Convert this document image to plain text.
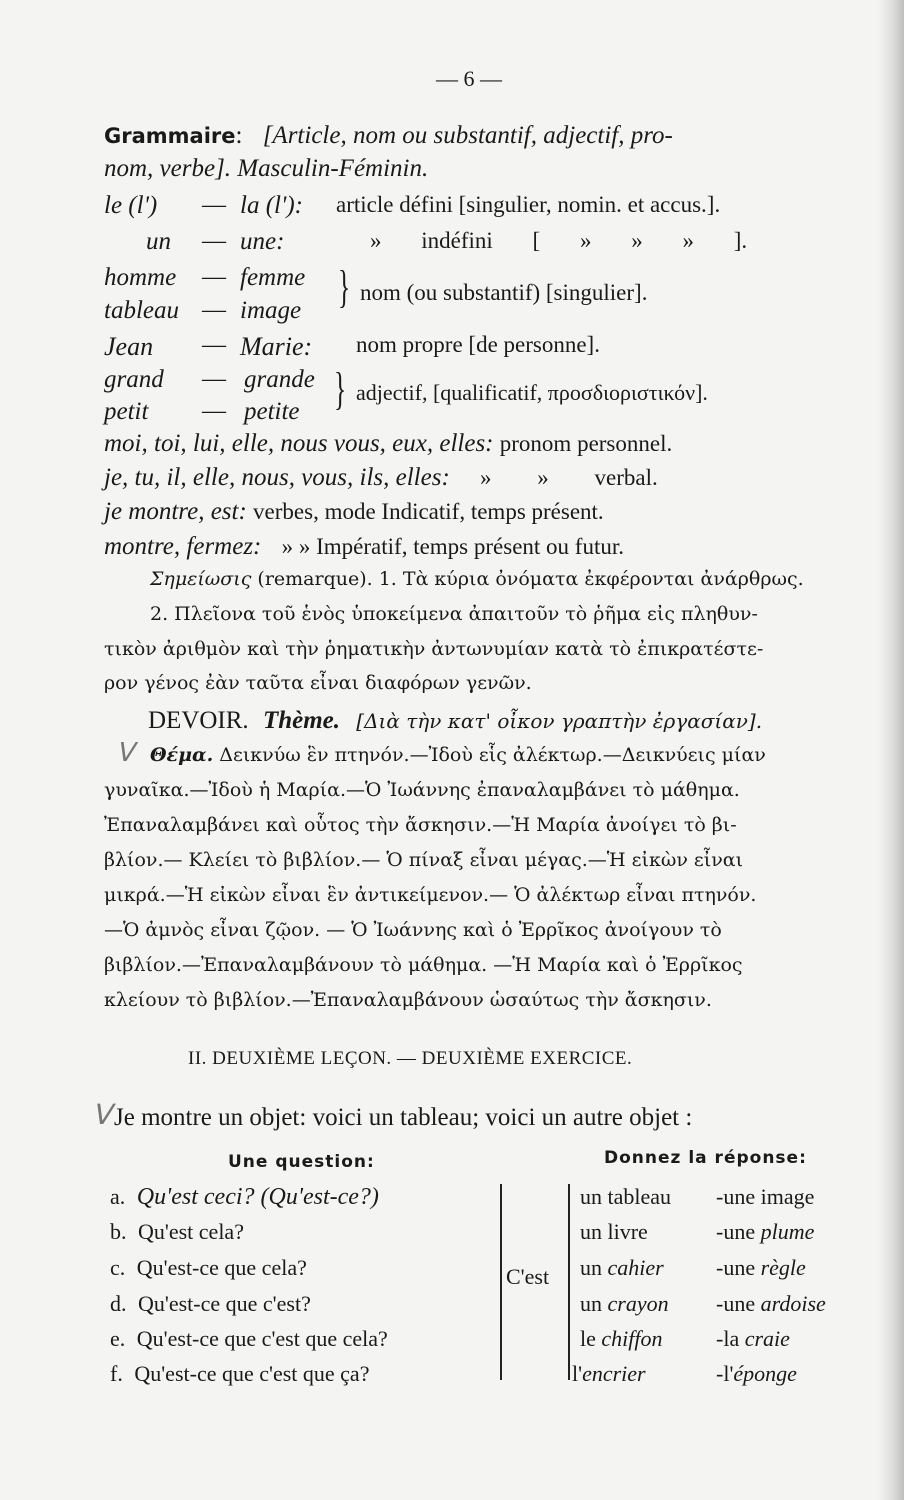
— 6 —
Grammaire: [Article, nom ou substantif, adjectif, pro-
nom, verbe]. Masculin-Féminin.
le (l') — la (l'): article défini [singulier, nomin. et accus.].
un — une:	» indéfini [ » » » ].
homme — femme }
tableau — image
nom (ou substantif) [singulier].
Jean — Marie: nom propre [de personne].
grand — grande }
petit — petite
adjectif, [qualificatif, προσδιοριστικόν].
moi, toi, lui, elle, nous vous, eux, elles: pronom personnel.
je, tu, il, elle, nous, vous, ils, elles: » » verbal.
je montre, est: verbes, mode Indicatif, temps présent.
montre, fermez: » » Impératif, temps présent ou futur.
Σημείωσις (remarque). 1. Τὰ κύρια ὀνόματα ἐκφέρονται ἀνάρθρως.
2. Πλεῖονα τοῦ ἑνὸς ὑποκείμενα ἀπαιτοῦν τὸ ῥῆμα εἰς πληθυν-
τικὸν ἀριθμὸν καὶ τὴν ῥηματικὴν ἀντωνυμίαν κατὰ τὸ ἐπικρατέστε-
ρον γένος ἐὰν ταῦτα εἶναι διαφόρων γενῶν.
DEVOIR. Thème. [Διὰ τὴν κατ' οἶκον γραπτὴν ἐργασίαν].
ᐯ Θέμα. Δεικνύω ἓν πτηνόν.—Ἰδοὺ εἷς ἀλέκτωρ.—Δεικνύεις μίαν
γυναῖκα.—Ἰδοὺ ἡ Μαρία.—Ὁ Ἰωάννης ἐπαναλαμβάνει τὸ μάθημα.
Ἐπαναλαμβάνει καὶ οὗτος τὴν ἄσκησιν.—Ἡ Μαρία ἀνοίγει τὸ βι-
βλίον.— Κλείει τὸ βιβλίον.— Ὁ πίναξ εἶναι μέγας.—Ἡ εἰκὼν εἶναι
μικρά.—Ἡ εἰκὼν εἶναι ἓν ἀντικείμενον.— Ὁ ἀλέκτωρ εἶναι πτηνόν.
—Ὁ ἀμνὸς εἶναι ζῷον. — Ὁ Ἰωάννης καὶ ὁ Ἐρρῖκος ἀνοίγουν τὸ
βιβλίον.—Ἐπαναλαμβάνουν τὸ μάθημα. —Ἡ Μαρία καὶ ὁ Ἐρρῖκος
κλείουν τὸ βιβλίον.—Ἐπαναλαμβάνουν ὡσαύτως τὴν ἄσκησιν.
II. DEUXIÈME LEÇON. — DEUXIÈME EXERCICE.
ᐯ Je montre un objet: voici un tableau; voici un autre objet :
Une question:	Donnez la réponse:
C'est
a. Qu'est ceci? (Qu'est-ce?)
b. Qu'est cela?
c. Qu'est-ce que cela?
d. Qu'est-ce que c'est?
e. Qu'est-ce que c'est que cela?
f. Qu'est-ce que c'est que ça?
un tableau
un livre
un cahier
un crayon
le chiffon
l'encrier
-une image
-une plume
-une règle
-une ardoise
-la craie
-l'éponge
